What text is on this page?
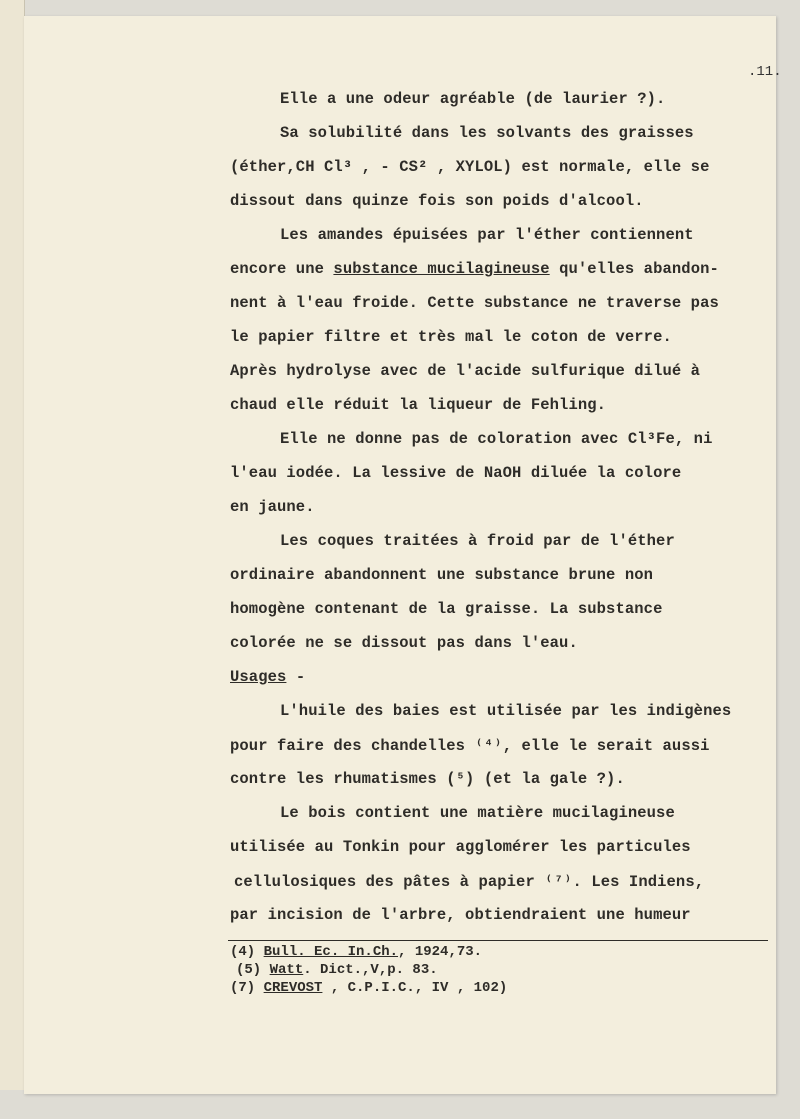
.11.
Elle a une odeur agréable (de laurier ?).
Sa solubilité dans les solvants des graisses
(éther,CH Cl³ , - CS² , XYLOL) est normale, elle se
dissout dans quinze fois son poids d'alcool.
Les amandes épuisées par l'éther contiennent
encore une substance mucilagineuse qu'elles abandon-
nent à l'eau froide. Cette substance ne traverse pas
le papier filtre et très mal le coton de verre.
Après hydrolyse avec de l'acide sulfurique dilué à
chaud elle réduit la liqueur de Fehling.
Elle ne donne pas de coloration avec Cl³Fe, ni
l'eau iodée. La lessive de NaOH diluée la colore
en jaune.
Les coques traitées à froid par de l'éther
ordinaire abandonnent une substance brune non
homogène contenant de la graisse. La substance
colorée ne se dissout pas dans l'eau.
Usages -
L'huile des baies est utilisée par les indigènes
pour faire des chandelles ⁽⁴⁾, elle le serait aussi
contre les rhumatismes (⁵) (et la gale ?).
Le bois contient une matière mucilagineuse
utilisée au Tonkin pour agglomérer les particules
cellulosiques des pâtes à papier ⁽⁷⁾. Les Indiens,
par incision de l'arbre, obtiendraient une humeur
(4) Bull. Ec. In.Ch., 1924,73.
(5) Watt. Dict.,V,p. 83.
(7) CREVOST , C.P.I.C., IV , 102)
